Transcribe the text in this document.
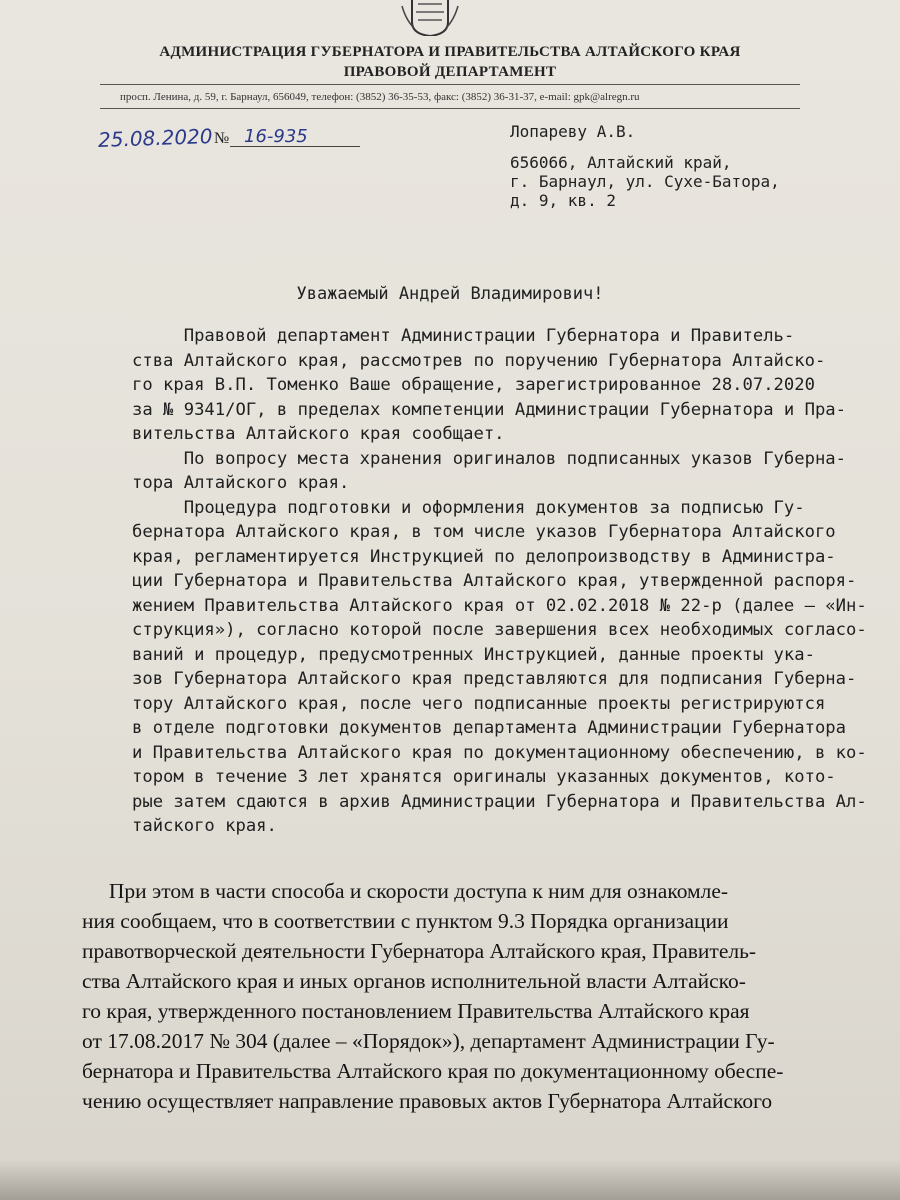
АДМИНИСТРАЦИЯ ГУБЕРНАТОРА И ПРАВИТЕЛЬСТВА АЛТАЙСКОГО КРАЯ
ПРАВОВОЙ ДЕПАРТАМЕНТ
просп. Ленина, д. 59, г. Барнаул, 656049, телефон: (3852) 36-35-53, факс: (3852) 36-31-37, e-mail: gpk@alregn.ru
25.08.2020 № 16-935	Лопареву А.В.
656066, Алтайский край,
г. Барнаул, ул. Сухе-Батора,
д. 9, кв. 2
Уважаемый Андрей Владимирович!
Правовой департамент Администрации Губернатора и Правитель-
ства Алтайского края, рассмотрев по поручению Губернатора Алтайско-
го края В.П. Томенко Ваше обращение, зарегистрированное 28.07.2020
за № 9341/ОГ, в пределах компетенции Администрации Губернатора и Пра-
вительства Алтайского края сообщает.
По вопросу места хранения оригиналов подписанных указов Губерна-
тора Алтайского края.
Процедура подготовки и оформления документов за подписью Гу-
бернатора Алтайского края, в том числе указов Губернатора Алтайского
края, регламентируется Инструкцией по делопроизводству в Администра-
ции Губернатора и Правительства Алтайского края, утвержденной распоря-
жением Правительства Алтайского края от 02.02.2018 № 22-р (далее – «Ин-
струкция»), согласно которой после завершения всех необходимых согласо-
ваний и процедур, предусмотренных Инструкцией, данные проекты ука-
зов Губернатора Алтайского края представляются для подписания Губерна-
тору Алтайского края, после чего подписанные проекты регистрируются
в отделе подготовки документов департамента Администрации Губернатора
и Правительства Алтайского края по документационному обеспечению, в ко-
тором в течение 3 лет хранятся оригиналы указанных документов, кото-
рые затем сдаются в архив Администрации Губернатора и Правительства Ал-
тайского края.
При этом в части способа и скорости доступа к ним для ознакомле-
ния сообщаем, что в соответствии с пунктом 9.3 Порядка организации
правотворческой деятельности Губернатора Алтайского края, Правитель-
ства Алтайского края и иных органов исполнительной власти Алтайско-
го края, утвержденного постановлением Правительства Алтайского края
от 17.08.2017 № 304 (далее – «Порядок»), департамент Администрации Гу-
бернатора и Правительства Алтайского края по документационному обеспе-
чению осуществляет направление правовых актов Губернатора Алтайского
